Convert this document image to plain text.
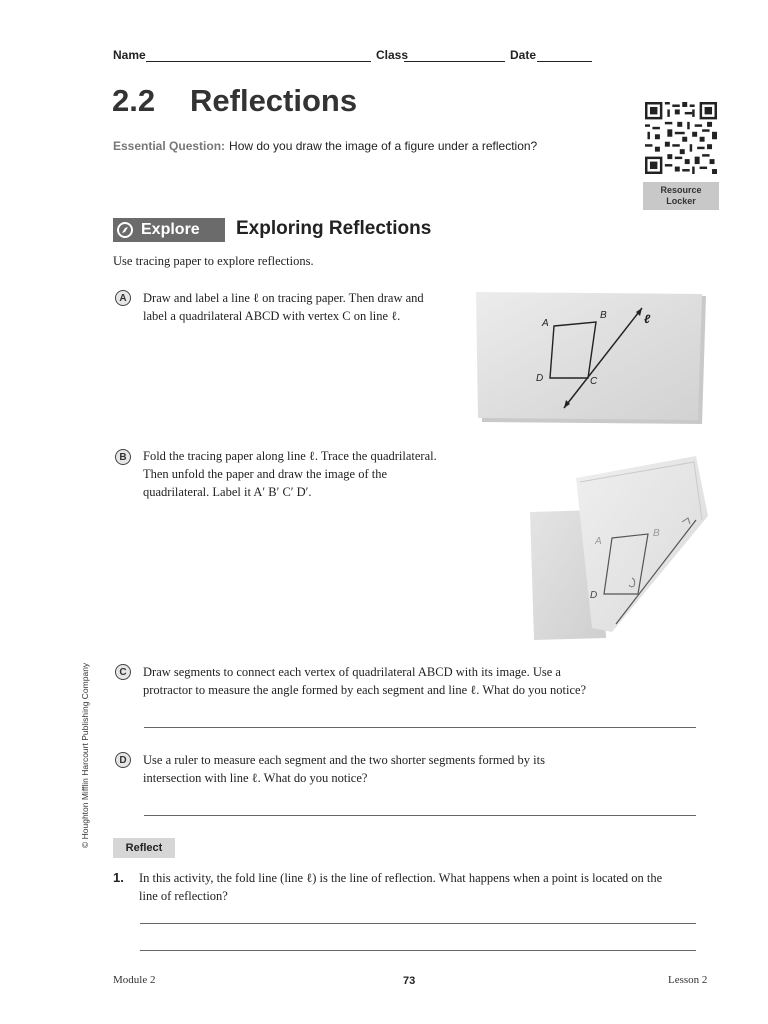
Name	Class	Date
2.2 Reflections
Essential Question: How do you draw the image of a figure under a reflection?
Resource
Locker
Explore Exploring Reflections
Use tracing paper to explore reflections.
A	Draw and label a line ℓ on tracing paper. Then draw and
label a quadrilateral ABCD with vertex C on line ℓ.
A
B
C
D
ℓ
B	Fold the tracing paper along line ℓ. Trace the quadrilateral.
Then unfold the paper and draw the image of the
quadrilateral. Label it A′ B′ C′ D′.
A
B
D
C	Draw segments to connect each vertex of quadrilateral ABCD with its image. Use a
protractor to measure the angle formed by each segment and line ℓ. What do you notice?
D	Use a ruler to measure each segment and the two shorter segments formed by its
intersection with line ℓ. What do you notice?
Reflect
1. In this activity, the fold line (line ℓ) is the line of reflection. What happens when a point is located on the
line of reflection?
Module 2	73	Lesson 2
© Houghton Mifflin Harcourt Publishing Company
